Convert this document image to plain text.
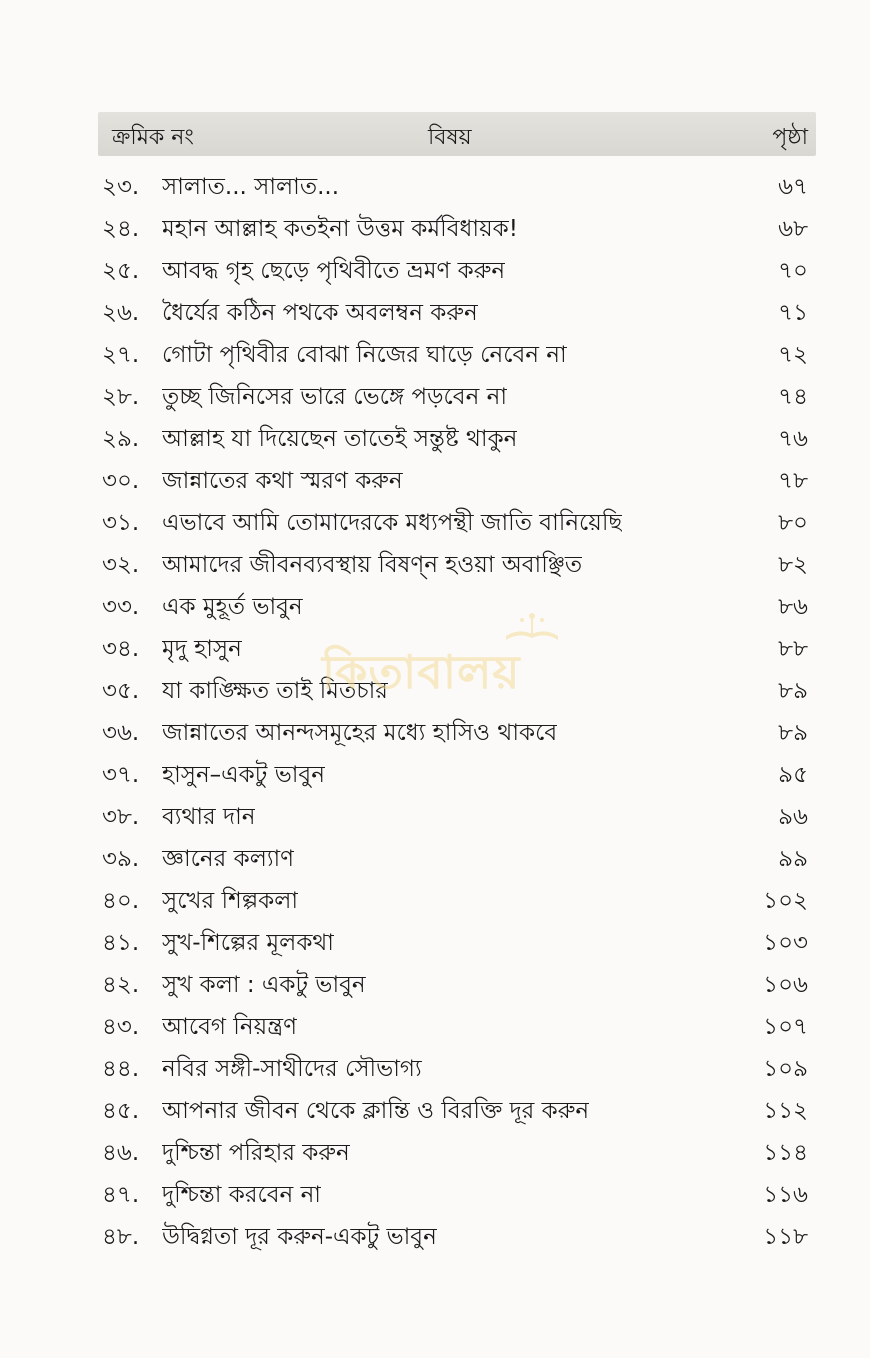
ক্রমিক নং	বিষয়	পৃষ্ঠা
২৩. সালাত... সালাত...	৬৭
২৪. মহান আল্লাহ কতইনা উত্তম কর্মবিধায়ক!	৬৮
২৫. আবদ্ধ গৃহ ছেড়ে পৃথিবীতে ভ্রমণ করুন	৭০
২৬. ধৈর্যের কঠিন পথকে অবলম্বন করুন	৭১
২৭. গোটা পৃথিবীর বোঝা নিজের ঘাড়ে নেবেন না	৭২
২৮. তুচ্ছ জিনিসের ভারে ভেঙ্গে পড়বেন না	৭৪
২৯. আল্লাহ যা দিয়েছেন তাতেই সন্তুষ্ট থাকুন	৭৬
৩০. জান্নাতের কথা স্মরণ করুন	৭৮
৩১. এভাবে আমি তোমাদেরকে মধ্যপন্থী জাতি বানিয়েছি	৮০
৩২. আমাদের জীবনব্যবস্থায় বিষণ্ন হওয়া অবাঞ্ছিত	৮২
৩৩. এক মুহূর্ত ভাবুন	৮৬
৩৪. মৃদু হাসুন	৮৮
৩৫. যা কাঙ্ক্ষিত তাই মিতচার	৮৯
৩৬. জান্নাতের আনন্দসমূহের মধ্যে হাসিও থাকবে	৮৯
৩৭. হাসুন–একটু ভাবুন	৯৫
৩৮. ব্যথার দান	৯৬
৩৯. জ্ঞানের কল্যাণ	৯৯
৪০. সুখের শিল্পকলা	১০২
৪১. সুখ-শিল্পের মূলকথা	১০৩
৪২. সুখ কলা : একটু ভাবুন	১০৬
৪৩. আবেগ নিয়ন্ত্রণ	১০৭
৪৪. নবির সঙ্গী-সাথীদের সৌভাগ্য	১০৯
৪৫. আপনার জীবন থেকে ক্লান্তি ও বিরক্তি দূর করুন	১১২
৪৬. দুশ্চিন্তা পরিহার করুন	১১৪
৪৭. দুশ্চিন্তা করবেন না	১১৬
৪৮. উদ্বিগ্নতা দূর করুন-একটু ভাবুন	১১৮
কিতাবালয়
